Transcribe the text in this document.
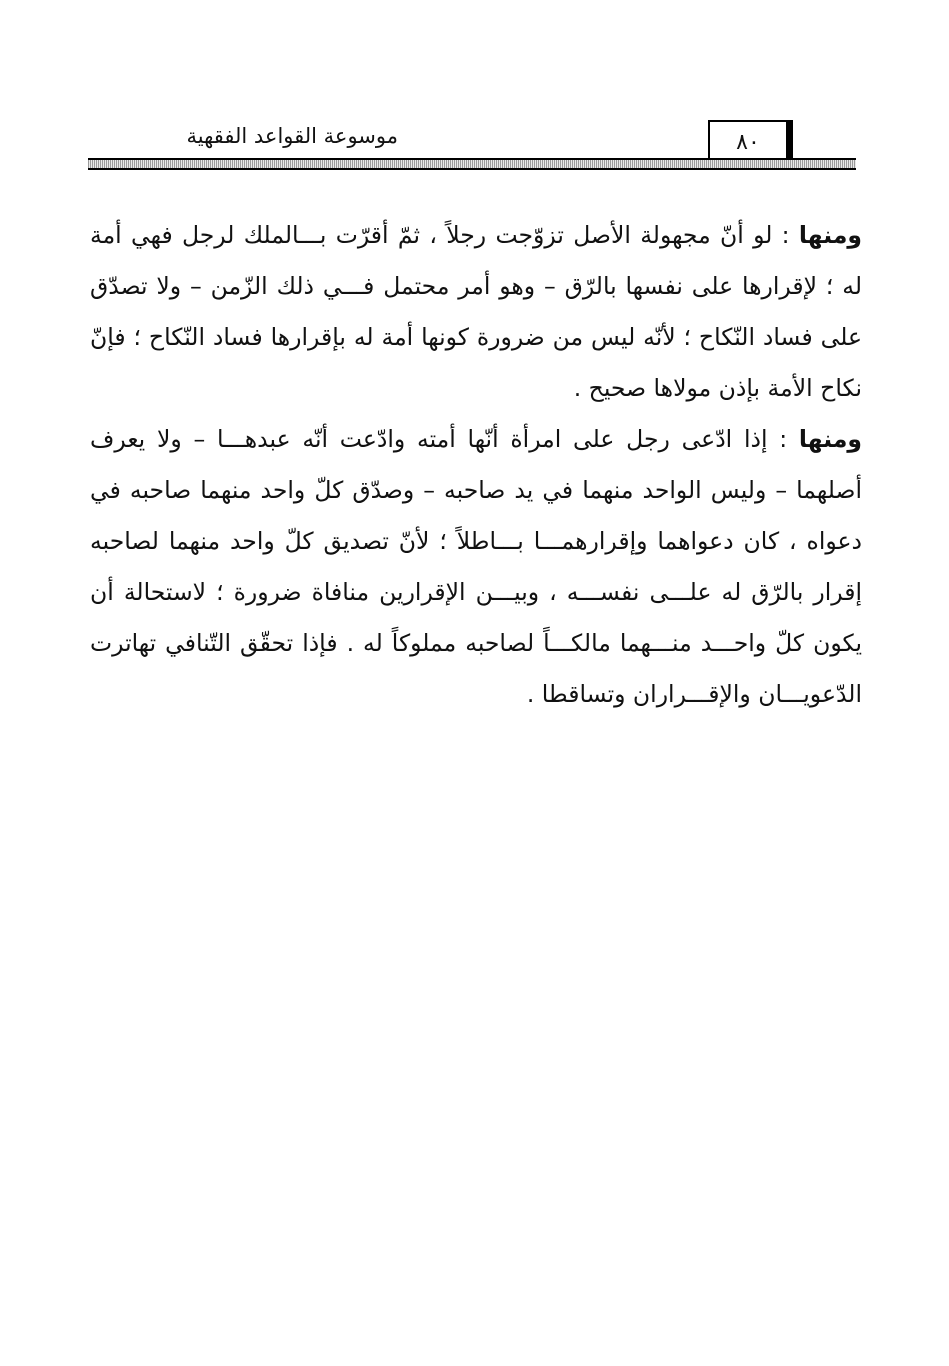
موسوعة القواعد الفقهية	٨٠

ومنها : لو أنّ مجهولة الأصل تزوّجت رجلاً ، ثمّ أقرّت بـــالملك لرجل فهي أمة له ؛ لإقرارها على نفسها بالرّق – وهو أمر محتمل فـــي ذلك الزّمن – ولا تصدّق على فساد النّكاح ؛ لأنّه ليس من ضرورة كونها أمة له بإقرارها فساد النّكاح ؛ فإنّ نكاح الأمة بإذن مولاها صحيح .

ومنها : إذا ادّعى رجل على امرأة أنّها أمته وادّعت أنّه عبدهـــا – ولا يعرف أصلهما – وليس الواحد منهما في يد صاحبه – وصدّق كلّ واحد منهما صاحبه في دعواه ، كان دعواهما وإقرارهمـــا بـــاطلاً ؛ لأنّ تصديق كلّ واحد منهما لصاحبه إقرار بالرّق له علـــى نفســـه ، وبيـــن الإقرارين منافاة ضرورة ؛ لاستحالة أن يكون كلّ واحـــد منـــهما مالكـــاً لصاحبه مملوكاً له . فإذا تحقّق التّنافي تهاترت الدّعويـــان والإقـــراران وتساقطا .
